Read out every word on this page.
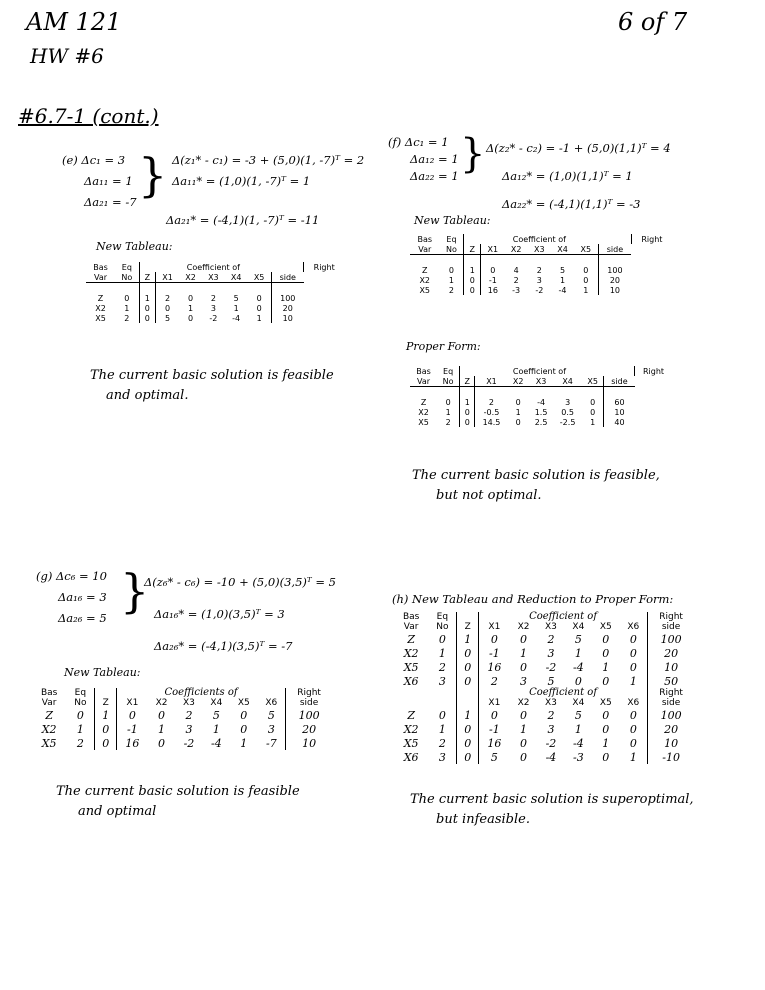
AM 121
HW #6
6 of 7
#6.7-1 (cont.)
(e) Δc₁ = 3
Δa₁₁ = 1
Δa₂₁ = -7 } Δ(z₁* - c₁) = -3 + (5,0)(1, -7)ᵀ = 2
Δa₁₁* = (1,0)(1, -7)ᵀ = 1
Δa₂₁* = (-4,1)(1, -7)ᵀ = -11
New Tableau:
Bas	Eq		Coefficient of						Right
Var	No	Z	X1	X2	X3	X4	X5	side	

Z	0	1	2	0	2	5	0	100	
X2	1	0	0	1	3	1	0	20	
X5	2	0	5	0	-2	-4	1	10	
The current basic solution is feasible
and optimal.
(f) Δc₁ = 1
Δa₁₂ = 1
Δa₂₂ = 1 } Δ(z₂* - c₂) = -1 + (5,0)(1,1)ᵀ = 4
Δa₁₂* = (1,0)(1,1)ᵀ = 1
Δa₂₂* = (-4,1)(1,1)ᵀ = -3
New Tableau:
Bas	Eq		Coefficient of						Right
Var	No	Z	X1	X2	X3	X4	X5	side	

Z	0	1	0	4	2	5	0	100	
X2	1	0	-1	2	3	1	0	20	
X5	2	0	16	-3	-2	-4	1	10	
Proper Form:
Bas	Eq		Coefficient of						Right
Var	No	Z	X1	X2	X3	X4	X5	side	

Z	0	1	2	0	-4	3	0	60	
X2	1	0	-0.5	1	1.5	0.5	0	10	
X5	2	0	14.5	0	2.5	-2.5	1	40	
The current basic solution is feasible,
but not optimal.
(g) Δc₆ = 10
Δa₁₆ = 3
Δa₂₆ = 5 }
Δ(z₆* - c₆) = -10 + (5,0)(3,5)ᵀ = 5
Δa₁₆* = (1,0)(3,5)ᵀ = 3
Δa₂₆* = (-4,1)(3,5)ᵀ = -7
New Tableau:
Bas	Eq		Coefficients of						Right
Var	No	Z	X1	X2	X3	X4	X5	X6	side
Z	0	1	0	0	2	5	0	5	100
X2	1	0	-1	1	3	1	0	3	20
X5	2	0	16	0	-2	-4	1	-7	10
The current basic solution is feasible
and optimal
(h) New Tableau and Reduction to Proper Form:
Bas	Eq		Coefficient of						Right
Var	No	Z	X1	X2	X3	X4	X5	X6	side
Z	0	1	0	0	2	5	0	0	100
X2	1	0	-1	1	3	1	0	0	20
X5	2	0	16	0	-2	-4	1	0	10
X6	3	0	2	3	5	0	0	1	50
			Coefficient of						Right
			X1	X2	X3	X4	X5	X6	side
Z	0	1	0	0	2	5	0	0	100
X2	1	0	-1	1	3	1	0	0	20
X5	2	0	16	0	-2	-4	1	0	10
X6	3	0	5	0	-4	-3	0	1	-10
The current basic solution is superoptimal,
but infeasible.
